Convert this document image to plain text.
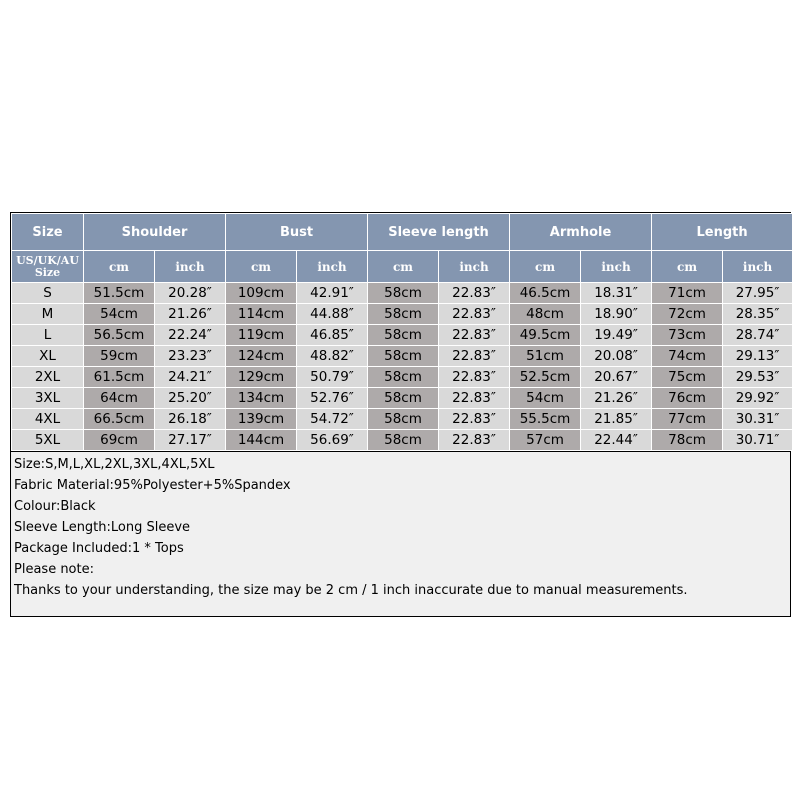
Size	Shoulder		Bust		Sleeve length		Armhole		Length	
US/UK/AU
Size	cm	inch	cm	inch	cm	inch	cm	inch	cm	inch
S	51.5cm	20.28″	109cm	42.91″	58cm	22.83″	46.5cm	18.31″	71cm	27.95″
M	54cm	21.26″	114cm	44.88″	58cm	22.83″	48cm	18.90″	72cm	28.35″
L	56.5cm	22.24″	119cm	46.85″	58cm	22.83″	49.5cm	19.49″	73cm	28.74″
XL	59cm	23.23″	124cm	48.82″	58cm	22.83″	51cm	20.08″	74cm	29.13″
2XL	61.5cm	24.21″	129cm	50.79″	58cm	22.83″	52.5cm	20.67″	75cm	29.53″
3XL	64cm	25.20″	134cm	52.76″	58cm	22.83″	54cm	21.26″	76cm	29.92″
4XL	66.5cm	26.18″	139cm	54.72″	58cm	22.83″	55.5cm	21.85″	77cm	30.31″
5XL	69cm	27.17″	144cm	56.69″	58cm	22.83″	57cm	22.44″	78cm	30.71″
Size:S,M,L,XL,2XL,3XL,4XL,5XL
Fabric Material:95%Polyester+5%Spandex
Colour:Black
Sleeve Length:Long Sleeve
Package Included:1 * Tops
Please note:
Thanks to your understanding, the size may be 2 cm / 1 inch inaccurate due to manual measurements.
